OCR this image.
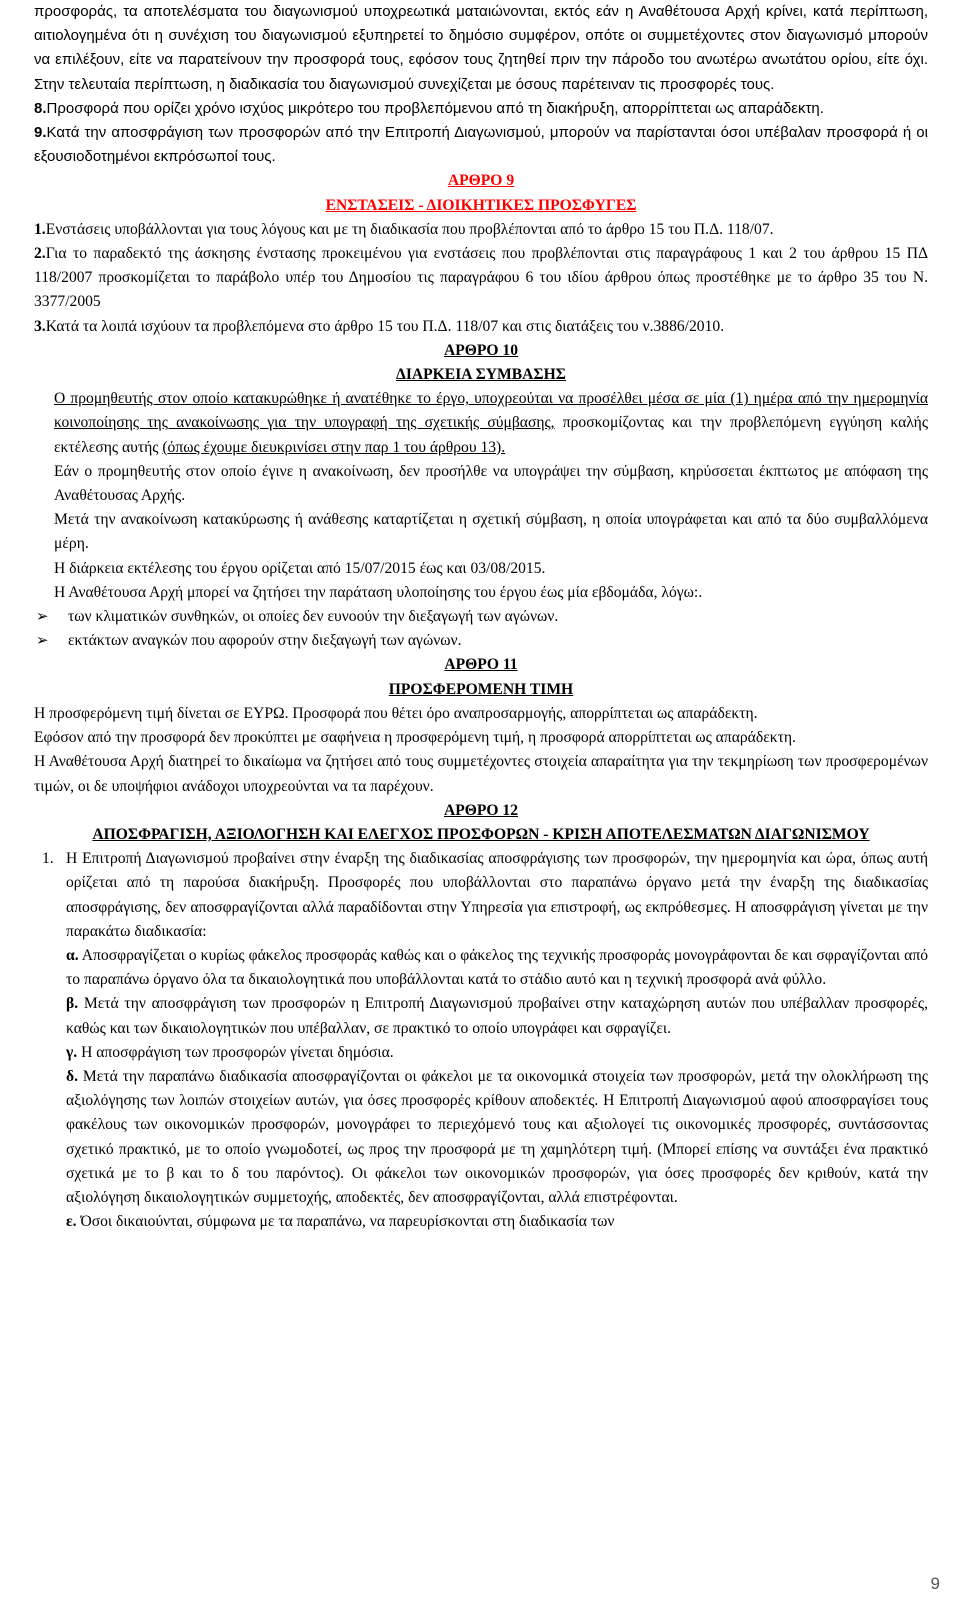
προσφοράς, τα αποτελέσματα του διαγωνισμού υποχρεωτικά ματαιώνονται, εκτός εάν η Αναθέτουσα Αρχή κρίνει, κατά περίπτωση, αιτιολογημένα ότι η συνέχιση του διαγωνισμού εξυπηρετεί το δημόσιο συμφέρον, οπότε οι συμμετέχοντες στον διαγωνισμό μπορούν να επιλέξουν, είτε να παρατείνουν την προσφορά τους, εφόσον τους ζητηθεί πριν την πάροδο του ανωτέρω ανωτάτου ορίου, είτε όχι. Στην τελευταία περίπτωση, η διαδικασία του διαγωνισμού συνεχίζεται με όσους παρέτειναν τις προσφορές τους.

8.Προσφορά που ορίζει χρόνο ισχύος μικρότερο του προβλεπόμενου από τη διακήρυξη, απορρίπτεται ως απαράδεκτη.

9.Κατά την αποσφράγιση των προσφορών από την Επιτροπή Διαγωνισμού, μπορούν να παρίστανται όσοι υπέβαλαν προσφορά ή οι εξουσιοδοτημένοι εκπρόσωποί τους.

ΑΡΘΡΟ 9

ΕΝΣΤΑΣΕΙΣ - ΔΙΟΙΚΗΤΙΚΕΣ ΠΡΟΣΦΥΓΕΣ

1.Ενστάσεις υποβάλλονται για τους λόγους και με τη διαδικασία που προβλέπονται από το άρθρο 15 του Π.Δ. 118/07.

2.Για το παραδεκτό της άσκησης ένστασης προκειμένου για ενστάσεις που προβλέπονται στις παραγράφους 1 και 2 του άρθρου 15 ΠΔ 118/2007 προσκομίζεται το παράβολο υπέρ του Δημοσίου τις παραγράφου 6 του ιδίου άρθρου όπως προστέθηκε με το άρθρο 35 του Ν. 3377/2005

3.Κατά τα λοιπά ισχύουν τα προβλεπόμενα στο άρθρο 15 του Π.Δ. 118/07 και στις διατάξεις του ν.3886/2010.

ΑΡΘΡΟ 10

ΔΙΑΡΚΕΙΑ ΣΥΜΒΑΣΗΣ

Ο προμηθευτής στον οποίο κατακυρώθηκε ή ανατέθηκε το έργο, υποχρεούται να προσέλθει μέσα σε μία (1) ημέρα από την ημερομηνία κοινοποίησης της ανακοίνωσης για την υπογραφή της σχετικής σύμβασης, προσκομίζοντας και την προβλεπόμενη εγγύηση καλής εκτέλεσης αυτής (όπως έχουμε διευκρινίσει στην παρ 1 του άρθρου 13).

Εάν ο προμηθευτής στον οποίο έγινε η ανακοίνωση, δεν προσήλθε να υπογράψει την σύμβαση, κηρύσσεται έκπτωτος με απόφαση της Αναθέτουσας Αρχής.

Μετά την ανακοίνωση κατακύρωσης ή ανάθεσης καταρτίζεται η σχετική σύμβαση, η οποία υπογράφεται και από τα δύο συμβαλλόμενα μέρη.

Η διάρκεια εκτέλεσης του έργου ορίζεται από 15/07/2015 έως και 03/08/2015.

Η Αναθέτουσα Αρχή μπορεί να ζητήσει την παράταση υλοποίησης του έργου έως μία εβδομάδα, λόγω:.

➢	των κλιματικών συνθηκών, οι οποίες δεν ευνοούν την διεξαγωγή των αγώνων.
➢	εκτάκτων αναγκών που αφορούν στην διεξαγωγή των αγώνων.

ΑΡΘΡΟ 11

ΠΡΟΣΦΕΡΟΜΕΝΗ ΤΙΜΗ

Η προσφερόμενη τιμή δίνεται σε ΕΥΡΩ. Προσφορά που θέτει όρο αναπροσαρμογής, απορρίπτεται ως απαράδεκτη.

Εφόσον από την προσφορά δεν προκύπτει με σαφήνεια η προσφερόμενη τιμή, η προσφορά απορρίπτεται ως απαράδεκτη.

Η Αναθέτουσα Αρχή διατηρεί το δικαίωμα να ζητήσει από τους συμμετέχοντες στοιχεία απαραίτητα για την τεκμηρίωση των προσφερομένων τιμών, οι δε υποψήφιοι ανάδοχοι υποχρεούνται να τα παρέχουν.

ΑΡΘΡΟ 12

ΑΠΟΣΦΡΑΓΙΣΗ, ΑΞΙΟΛΟΓΗΣΗ ΚΑΙ ΕΛΕΓΧΟΣ ΠΡΟΣΦΟΡΩΝ - ΚΡΙΣΗ ΑΠΟΤΕΛΕΣΜΑΤΩΝ ΔΙΑΓΩΝΙΣΜΟΥ

1. Η Επιτροπή Διαγωνισμού προβαίνει στην έναρξη της διαδικασίας αποσφράγισης των προσφορών, την ημερομηνία και ώρα, όπως αυτή ορίζεται από τη παρούσα διακήρυξη. Προσφορές που υποβάλλονται στο παραπάνω όργανο μετά την έναρξη της διαδικασίας αποσφράγισης, δεν αποσφραγίζονται αλλά παραδίδονται στην Υπηρεσία για επιστροφή, ως εκπρόθεσμες. Η αποσφράγιση γίνεται με την παρακάτω διαδικασία:

α. Αποσφραγίζεται ο κυρίως φάκελος προσφοράς καθώς και ο φάκελος της τεχνικής προσφοράς μονογράφονται δε και σφραγίζονται από το παραπάνω όργανο όλα τα δικαιολογητικά που υποβάλλονται κατά το στάδιο αυτό και η τεχνική προσφορά ανά φύλλο.

β. Μετά την αποσφράγιση των προσφορών η Επιτροπή Διαγωνισμού προβαίνει στην καταχώρηση αυτών που υπέβαλλαν προσφορές, καθώς και των δικαιολογητικών που υπέβαλλαν, σε πρακτικό το οποίο υπογράφει και σφραγίζει.

γ. Η αποσφράγιση των προσφορών γίνεται δημόσια.

δ. Μετά την παραπάνω διαδικασία αποσφραγίζονται οι φάκελοι με τα οικονομικά στοιχεία των προσφορών, μετά την ολοκλήρωση της αξιολόγησης των λοιπών στοιχείων αυτών, για όσες προσφορές κρίθουν αποδεκτές. Η Επιτροπή Διαγωνισμού αφού αποσφραγίσει τους φακέλους των οικονομικών προσφορών, μονογράφει το περιεχόμενό τους και αξιολογεί τις οικονομικές προσφορές, συντάσσοντας σχετικό πρακτικό, με το οποίο γνωμοδοτεί, ως προς την προσφορά με τη χαμηλότερη τιμή. (Μπορεί επίσης να συντάξει ένα πρακτικό σχετικά με το β και το δ του παρόντος). Οι φάκελοι των οικονομικών προσφορών, για όσες προσφορές δεν κριθούν, κατά την αξιολόγηση δικαιολογητικών συμμετοχής, αποδεκτές, δεν αποσφραγίζονται, αλλά επιστρέφονται.

ε. Όσοι δικαιούνται, σύμφωνα με τα παραπάνω, να παρευρίσκονται στη διαδικασία των

9
